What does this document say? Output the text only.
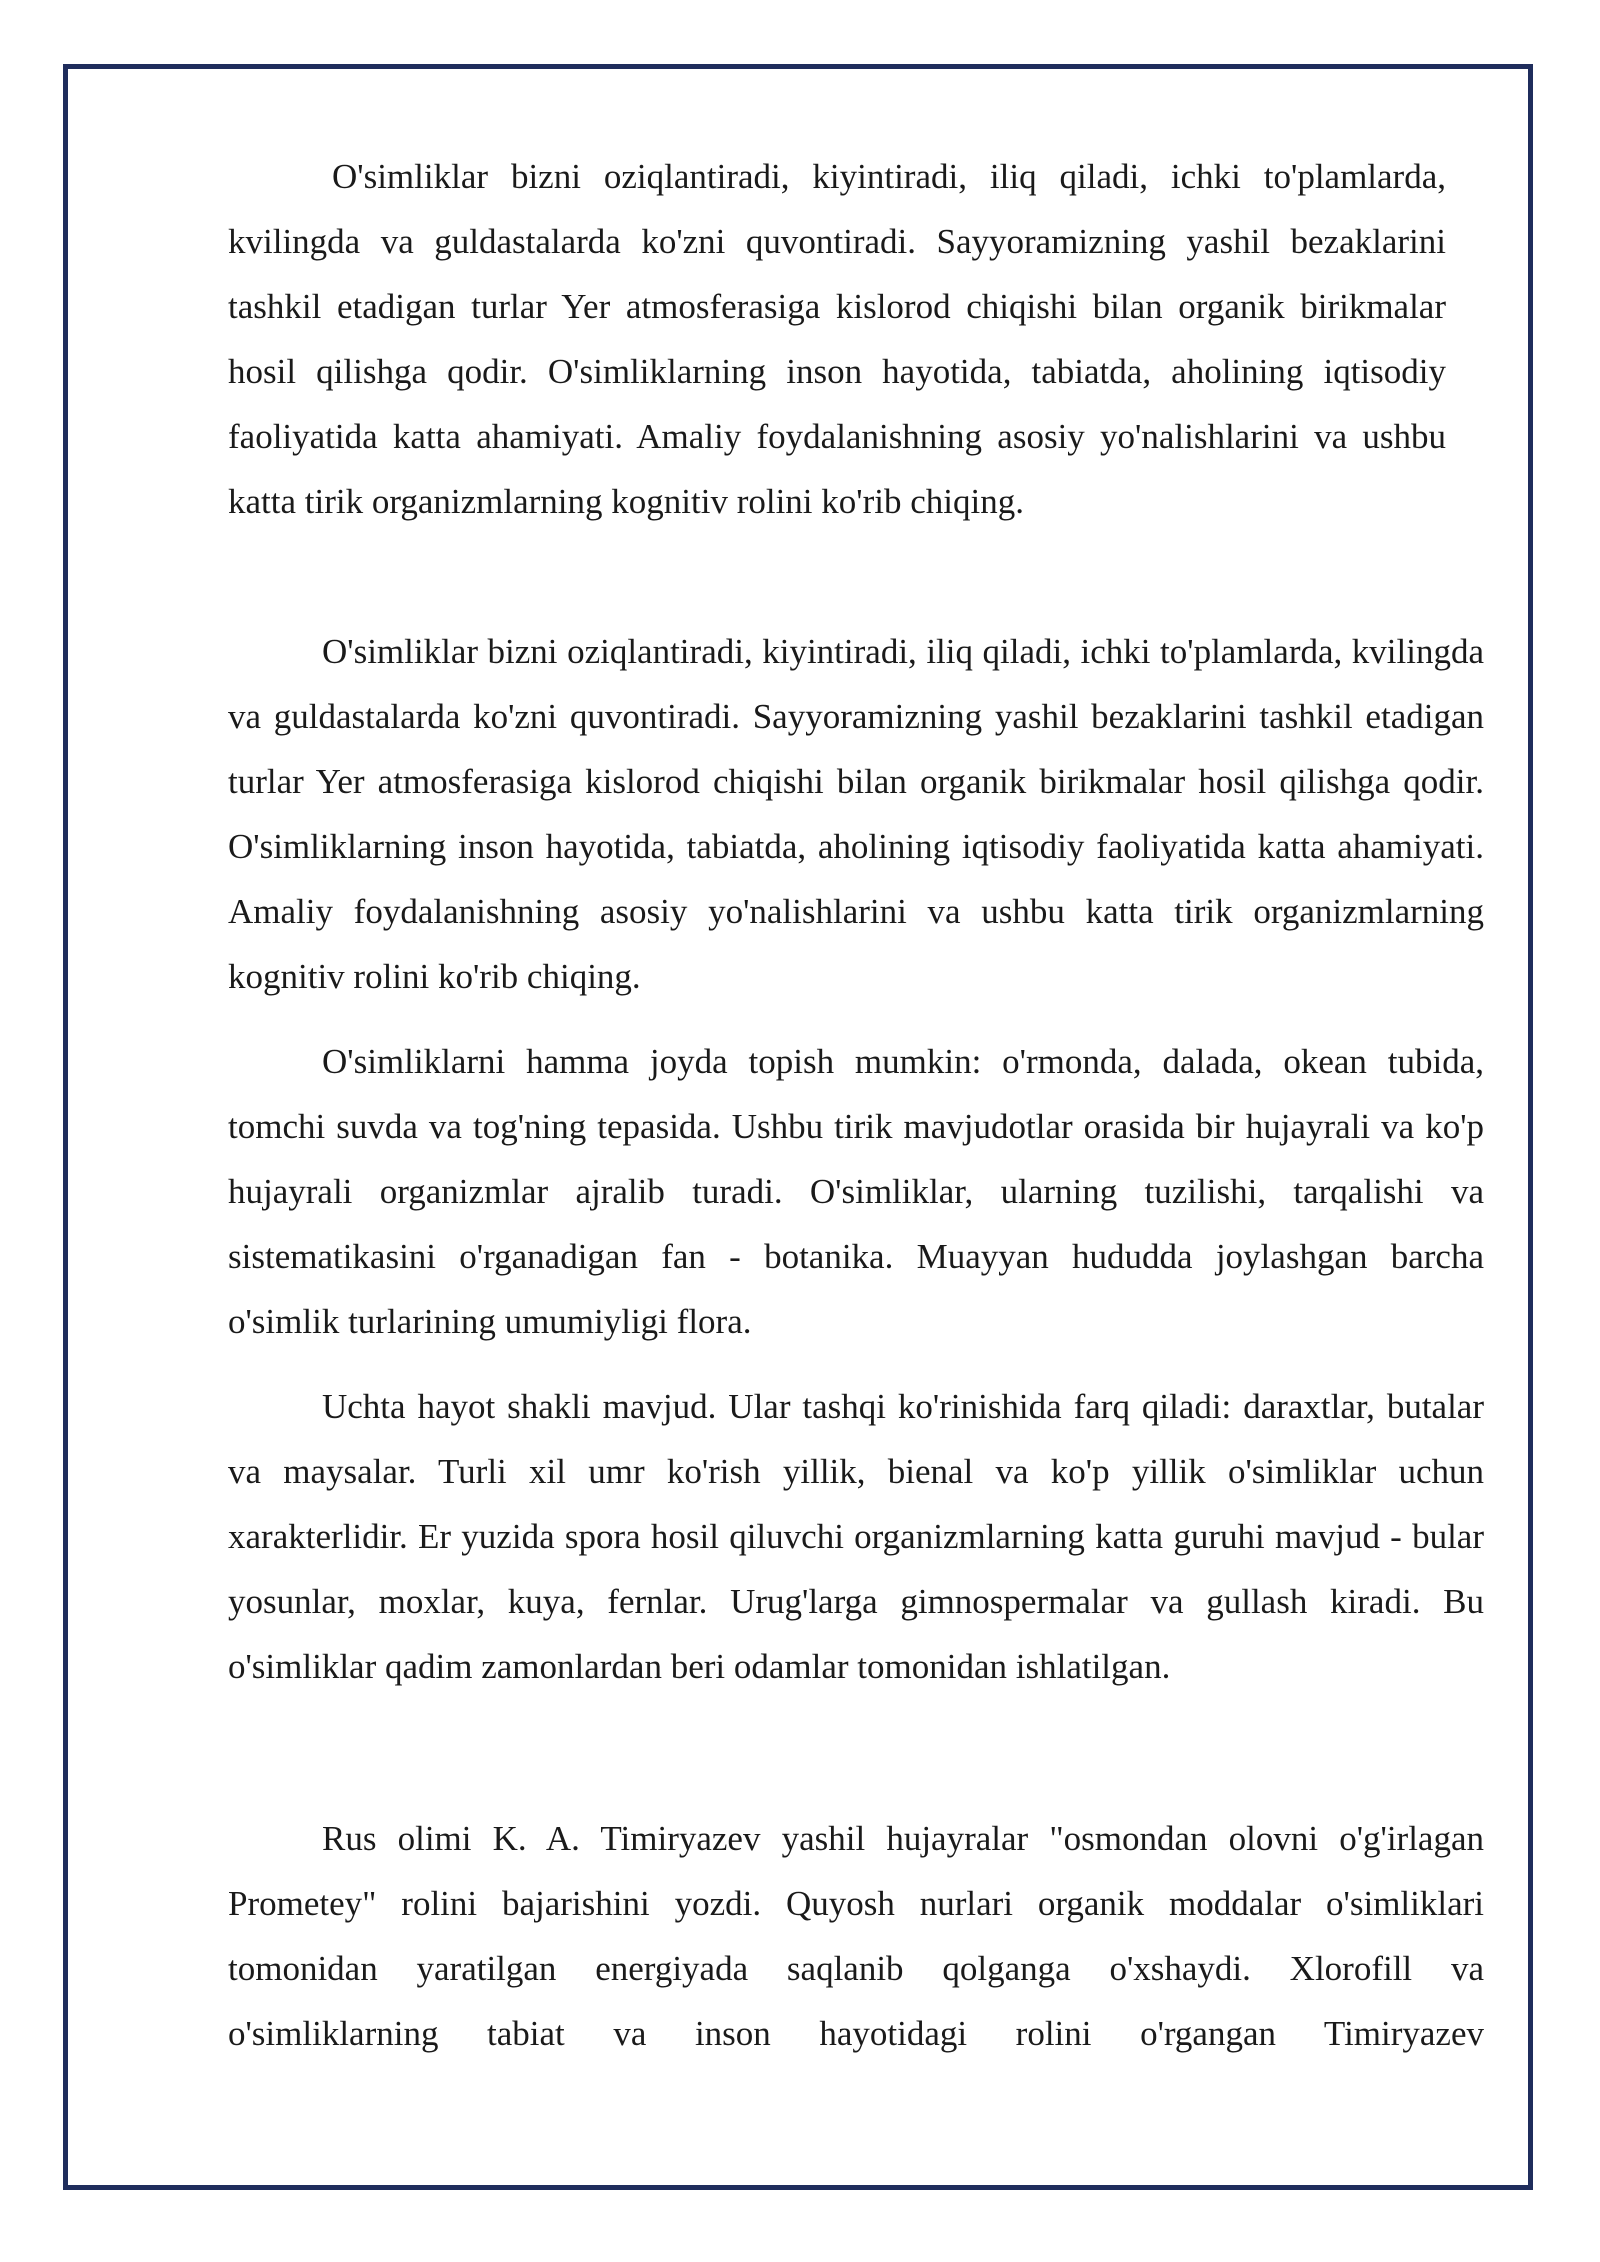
O'simliklar bizni oziqlantiradi, kiyintiradi, iliq qiladi, ichki to'plamlarda, kvilingda va guldastalarda ko'zni quvontiradi. Sayyoramizning yashil bezaklarini tashkil etadigan turlar Yer atmosferasiga kislorod chiqishi bilan organik birikmalar hosil qilishga qodir. O'simliklarning inson hayotida, tabiatda, aholining iqtisodiy faoliyatida katta ahamiyati. Amaliy foydalanishning asosiy yo'nalishlarini va ushbu katta tirik organizmlarning kognitiv rolini ko'rib chiqing.

O'simliklar bizni oziqlantiradi, kiyintiradi, iliq qiladi, ichki to'plamlarda, kvilingda va guldastalarda ko'zni quvontiradi. Sayyoramizning yashil bezaklarini tashkil etadigan turlar Yer atmosferasiga kislorod chiqishi bilan organik birikmalar hosil qilishga qodir. O'simliklarning inson hayotida, tabiatda, aholining iqtisodiy faoliyatida katta ahamiyati. Amaliy foydalanishning asosiy yo'nalishlarini va ushbu katta tirik organizmlarning kognitiv rolini ko'rib chiqing.

O'simliklarni hamma joyda topish mumkin: o'rmonda, dalada, okean tubida, tomchi suvda va tog'ning tepasida. Ushbu tirik mavjudotlar orasida bir hujayrali va ko'p hujayrali organizmlar ajralib turadi. O'simliklar, ularning tuzilishi, tarqalishi va sistematikasini o'rganadigan fan - botanika. Muayyan hududda joylashgan barcha o'simlik turlarining umumiyligi flora.

Uchta hayot shakli mavjud. Ular tashqi ko'rinishida farq qiladi: daraxtlar, butalar va maysalar. Turli xil umr ko'rish yillik, bienal va ko'p yillik o'simliklar uchun xarakterlidir. Er yuzida spora hosil qiluvchi organizmlarning katta guruhi mavjud - bular yosunlar, moxlar, kuya, fernlar. Urug'larga gimnospermalar va gullash kiradi. Bu o'simliklar qadim zamonlardan beri odamlar tomonidan ishlatilgan.

Rus olimi K. A. Timiryazev yashil hujayralar "osmondan olovni o'g'irlagan Prometey" rolini bajarishini yozdi. Quyosh nurlari organik moddalar o'simliklari tomonidan yaratilgan energiyada saqlanib qolganga o'xshaydi. Xlorofill va o'simliklarning tabiat va inson hayotidagi rolini o'rgangan Timiryazev
